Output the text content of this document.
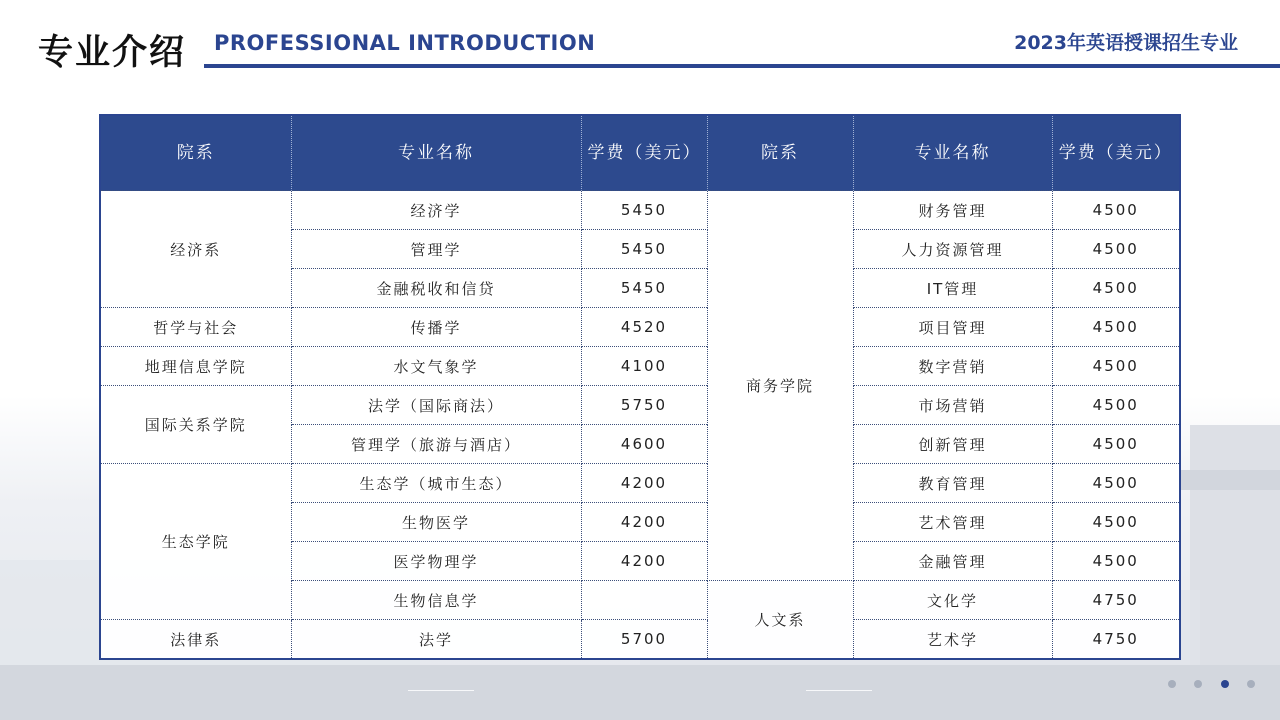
专业介绍 PROFESSIONAL INTRODUCTION	2023年英语授课招生专业
院系	专业名称	学费（美元）	院系	专业名称	学费（美元）
经济系	经济学	5450	商务学院	财务管理	4500
	管理学	5450		人力资源管理	4500
	金融税收和信贷	5450		IT管理	4500
哲学与社会	传播学	4520		项目管理	4500
地理信息学院	水文气象学	4100		数字营销	4500
国际关系学院	法学（国际商法）	5750		市场营销	4500
	管理学（旅游与酒店）	4600		创新管理	4500
生态学院	生态学（城市生态）	4200		教育管理	4500
	生物医学	4200		艺术管理	4500
	医学物理学	4200		金融管理	4500
	生物信息学		人文系	文化学	4750
法律系	法学	5700		艺术学	4750
